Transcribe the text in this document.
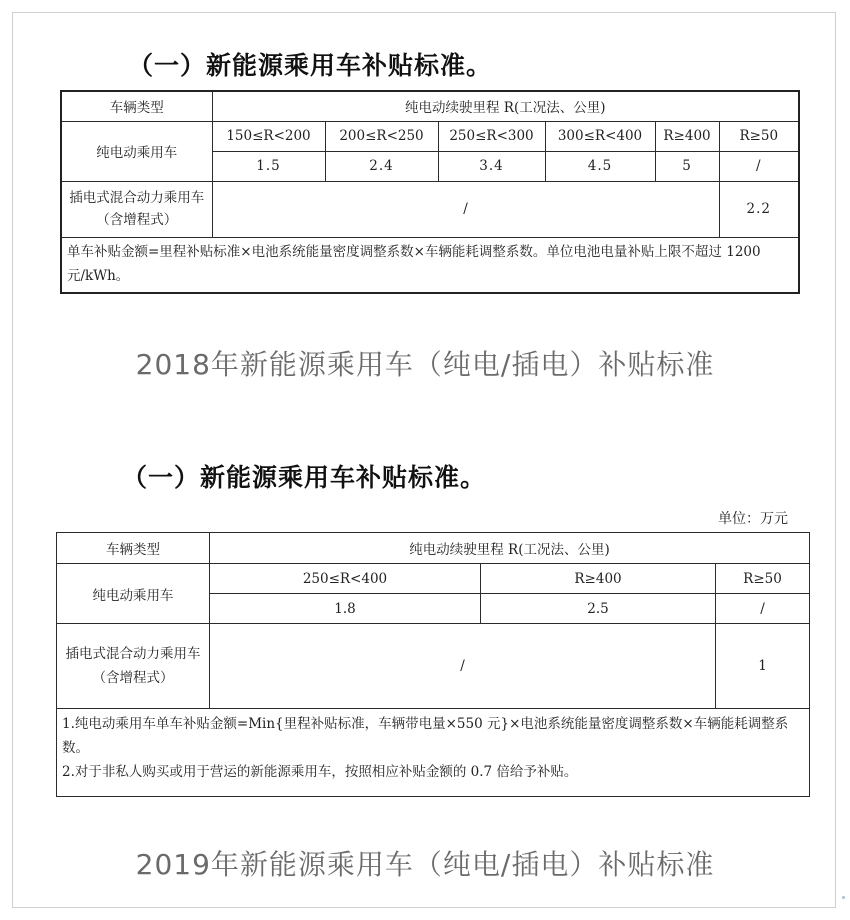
（一）新能源乘用车补贴标准。
车辆类型	纯电动续驶里程 R(工况法、公里)					
纯电动乘用车	150≤R<200	200≤R<250	250≤R<300	300≤R<400	R≥400	R≥50
	1.5	2.4	3.4	4.5	5	/
插电式混合动力乘用车（含增程式）	/					2.2
单车补贴金额=里程补贴标准×电池系统能量密度调整系数×车辆能耗调整系数。单位电池电量补贴上限不超过 1200 元/kWh。						
2018年新能源乘用车（纯电/插电）补贴标准
（一）新能源乘用车补贴标准。
单位：万元
车辆类型	纯电动续驶里程 R(工况法、公里)		
纯电动乘用车	250≤R<400	R≥400	R≥50
	1.8	2.5	/
插电式混合动力乘用车（含增程式）	/		1

1.纯电动乘用车单车补贴金额=Min{里程补贴标准，车辆带电量×550 元}×电池系统能量密度调整系数×车辆能耗调整系数。
2.对于非私人购买或用于营运的新能源乘用车，按照相应补贴金额的 0.7 倍给予补贴。			
2019年新能源乘用车（纯电/插电）补贴标准
